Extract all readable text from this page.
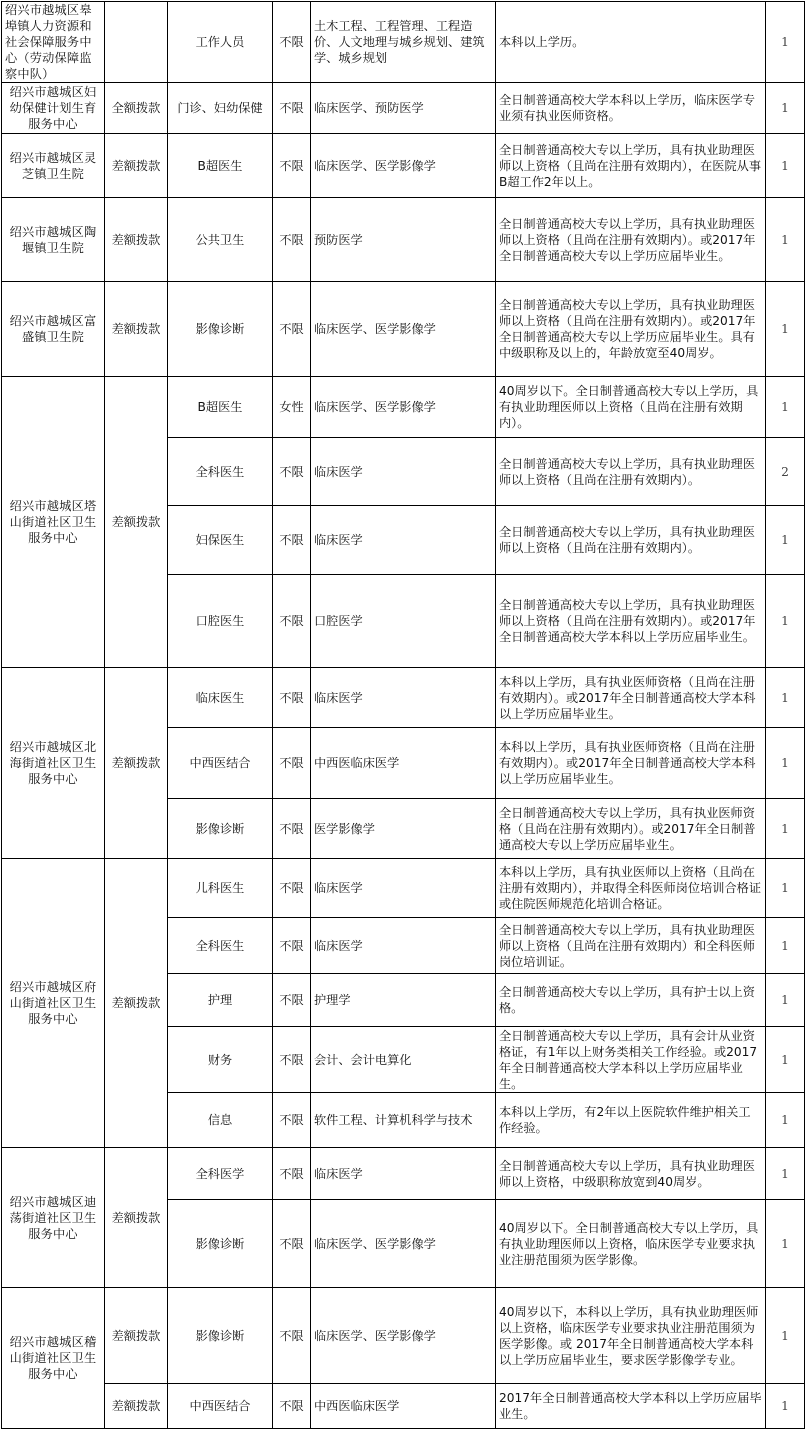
绍兴市越城区皋埠镇人力资源和社会保障服务中心（劳动保障监察中队）		工作人员	不限	土木工程、工程管理、工程造价、人文地理与城乡规划、建筑学、城乡规划	本科以上学历。	1
绍兴市越城区妇幼保健计划生育服务中心	全额拨款	门诊、妇幼保健	不限	临床医学、预防医学	全日制普通高校大学本科以上学历，临床医学专业须有执业医师资格。	1
绍兴市越城区灵芝镇卫生院	差额拨款	B超医生	不限	临床医学、医学影像学	全日制普通高校大专以上学历，具有执业助理医师以上资格（且尚在注册有效期内），在医院从事B超工作2年以上。	1
绍兴市越城区陶堰镇卫生院	差额拨款	公共卫生	不限	预防医学	全日制普通高校大专以上学历，具有执业助理医师以上资格（且尚在注册有效期内）。或2017年全日制普通高校大专以上学历应届毕业生。	1
绍兴市越城区富盛镇卫生院	差额拨款	影像诊断	不限	临床医学、医学影像学	全日制普通高校大专以上学历，具有执业助理医师以上资格（且尚在注册有效期内）。或2017年全日制普通高校大专以上学历应届毕业生。具有中级职称及以上的，年龄放宽至40周岁。	1
绍兴市越城区塔山街道社区卫生服务中心	差额拨款	B超医生	女性	临床医学、医学影像学	40周岁以下。全日制普通高校大专以上学历，具有执业助理医师以上资格（且尚在注册有效期内）。	1
		全科医生	不限	临床医学	全日制普通高校大专以上学历，具有执业助理医师以上资格（且尚在注册有效期内）。	2
		妇保医生	不限	临床医学	全日制普通高校大专以上学历，具有执业助理医师以上资格（且尚在注册有效期内）。	1
		口腔医生	不限	口腔医学	全日制普通高校大专以上学历，具有执业助理医师以上资格（且尚在注册有效期内）。或2017年全日制普通高校大学本科以上学历应届毕业生。	1
绍兴市越城区北海街道社区卫生服务中心	差额拨款	临床医生	不限	临床医学	本科以上学历，具有执业医师资格（且尚在注册有效期内）。或2017年全日制普通高校大学本科以上学历应届毕业生。	1
		中西医结合	不限	中西医临床医学	本科以上学历，具有执业医师资格（且尚在注册有效期内）。或2017年全日制普通高校大学本科以上学历应届毕业生。	1
		影像诊断	不限	医学影像学	全日制普通高校大专以上学历，具有执业医师资格（且尚在注册有效期内）。或2017年全日制普通高校大专以上学历应届毕业生。	1
绍兴市越城区府山街道社区卫生服务中心	差额拨款	儿科医生	不限	临床医学	本科以上学历，具有执业医师以上资格（且尚在注册有效期内），并取得全科医师岗位培训合格证或住院医师规范化培训合格证。	1
		全科医生	不限	临床医学	全日制普通高校大专以上学历，具有执业助理医师以上资格（且尚在注册有效期内）和全科医师岗位培训证。	1
		护理	不限	护理学	全日制普通高校大专以上学历，具有护士以上资格。	1
		财务	不限	会计、会计电算化	全日制普通高校大专以上学历，具有会计从业资格证，有1年以上财务类相关工作经验。或2017年全日制普通高校大学本科以上学历应届毕业生。	1
		信息	不限	软件工程、计算机科学与技术	本科以上学历，有2年以上医院软件维护相关工作经验。	1
绍兴市越城区迪荡街道社区卫生服务中心	差额拨款	全科医学	不限	临床医学	全日制普通高校大专以上学历，具有执业助理医师以上资格，中级职称放宽到40周岁。	1
		影像诊断	不限	临床医学、医学影像学	40周岁以下。全日制普通高校大专以上学历，具有执业助理医师以上资格，临床医学专业要求执业注册范围须为医学影像。	1
绍兴市越城区稽山街道社区卫生服务中心	差额拨款	影像诊断	不限	临床医学、医学影像学	40周岁以下，本科以上学历，具有执业助理医师以上资格，临床医学专业要求执业注册范围须为医学影像。或 2017年全日制普通高校大学本科以上学历应届毕业生，要求医学影像学专业。	1
	差额拨款	中西医结合	不限	中西医临床医学	2017年全日制普通高校大学本科以上学历应届毕业生。	1
